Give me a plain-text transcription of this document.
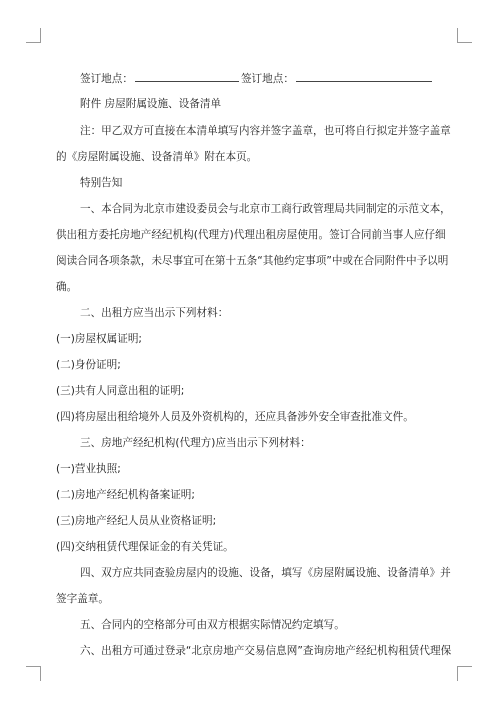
签订地点：	签订地点：
附件 房屋附属设施、设备清单
注：甲乙双方可直接在本清单填写内容并签字盖章，也可将自行拟定并签字盖章
的《房屋附属设施、设备清单》附在本页。
特别告知
一、本合同为北京市建设委员会与北京市工商行政管理局共同制定的示范文本，
供出租方委托房地产经纪机构(代理方)代理出租房屋使用。签订合同前当事人应仔细
阅读合同各项条款，未尽事宜可在第十五条“其他约定事项”中或在合同附件中予以明
确。
二、出租方应当出示下列材料：
(一)房屋权属证明;
(二)身份证明;
(三)共有人同意出租的证明;
(四)将房屋出租给境外人员及外资机构的，还应具备涉外安全审查批准文件。
三、房地产经纪机构(代理方)应当出示下列材料：
(一)营业执照;
(二)房地产经纪机构备案证明;
(三)房地产经纪人员从业资格证明;
(四)交纳租赁代理保证金的有关凭证。
四、双方应共同查验房屋内的设施、设备，填写《房屋附属设施、设备清单》并
签字盖章。
五、合同内的空格部分可由双方根据实际情况约定填写。
六、出租方可通过登录“北京房地产交易信息网”查询房地产经纪机构租赁代理保
